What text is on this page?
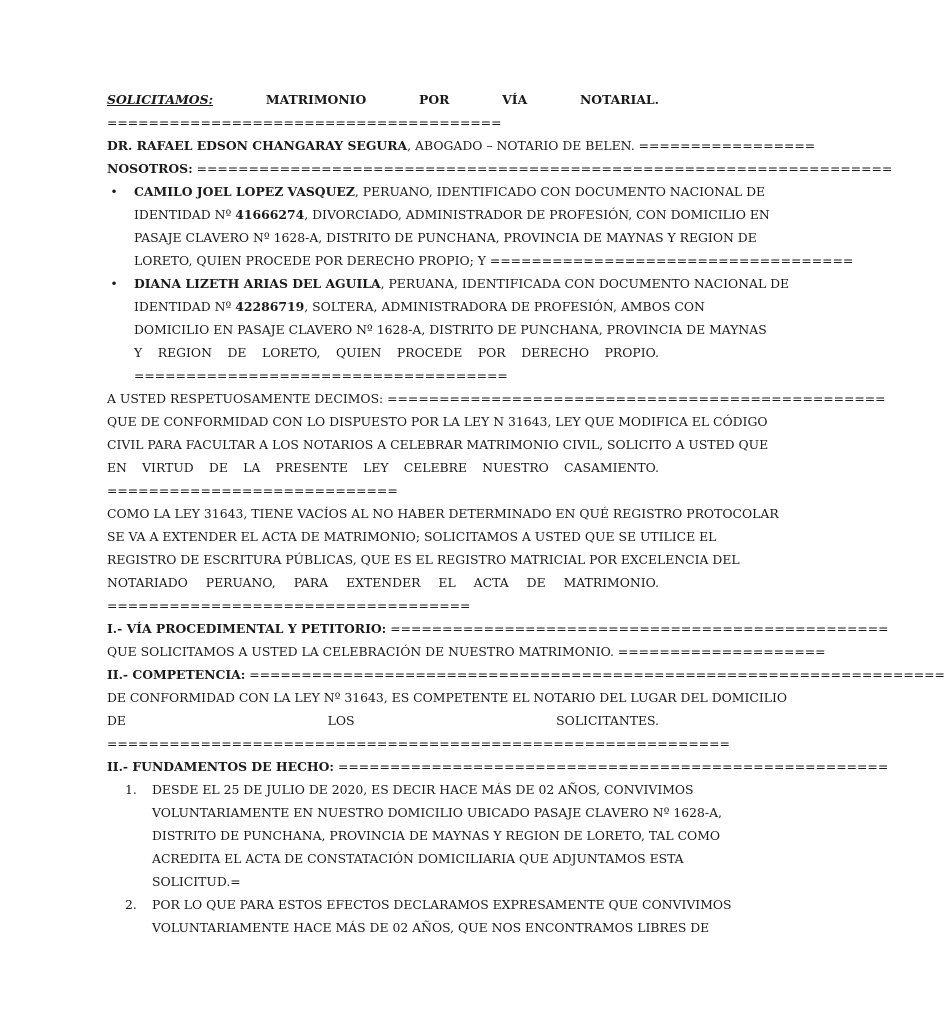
SOLICITAMOS:	MATRIMONIO	POR	VÍA	NOTARIAL.
======================================
DR. RAFAEL EDSON CHANGARAY SEGURA, ABOGADO – NOTARIO DE BELEN. =================
NOSOTROS: ===================================================================
•	CAMILO JOEL LOPEZ VASQUEZ, PERUANO, IDENTIFICADO CON DOCUMENTO NACIONAL DE
IDENTIDAD Nº 41666274, DIVORCIADO, ADMINISTRADOR DE PROFESIÓN, CON DOMICILIO EN
PASAJE CLAVERO Nº 1628-A, DISTRITO DE PUNCHANA, PROVINCIA DE MAYNAS Y REGION DE
LORETO, QUIEN PROCEDE POR DERECHO PROPIO; Y ===================================
•	DIANA LIZETH ARIAS DEL AGUILA, PERUANA, IDENTIFICADA CON DOCUMENTO NACIONAL DE
IDENTIDAD Nº 42286719, SOLTERA, ADMINISTRADORA DE PROFESIÓN, AMBOS CON
DOMICILIO EN PASAJE CLAVERO Nº 1628-A, DISTRITO DE PUNCHANA, PROVINCIA DE MAYNAS
Y REGION DE LORETO, QUIEN PROCEDE POR DERECHO PROPIO.
====================================
A USTED RESPETUOSAMENTE DECIMOS: ================================================
QUE DE CONFORMIDAD CON LO DISPUESTO POR LA LEY N 31643, LEY QUE MODIFICA EL CÓDIGO
CIVIL PARA FACULTAR A LOS NOTARIOS A CELEBRAR MATRIMONIO CIVIL, SOLICITO A USTED QUE
EN VIRTUD DE LA PRESENTE LEY CELEBRE NUESTRO CASAMIENTO.
============================
COMO LA LEY 31643, TIENE VACÍOS AL NO HABER DETERMINADO EN QUÉ REGISTRO PROTOCOLAR
SE VA A EXTENDER EL ACTA DE MATRIMONIO; SOLICITAMOS A USTED QUE SE UTILICE EL
REGISTRO DE ESCRITURA PÚBLICAS, QUE ES EL REGISTRO MATRICIAL POR EXCELENCIA DEL
NOTARIADO PERUANO, PARA EXTENDER EL ACTA DE MATRIMONIO.
===================================
I.- VÍA PROCEDIMENTAL Y PETITORIO: ================================================
QUE SOLICITAMOS A USTED LA CELEBRACIÓN DE NUESTRO MATRIMONIO. ====================
II.- COMPETENCIA: ===================================================================
DE CONFORMIDAD CON LA LEY Nº 31643, ES COMPETENTE EL NOTARIO DEL LUGAR DEL DOMICILIO
DE LOS SOLICITANTES.
============================================================
II.- FUNDAMENTOS DE HECHO: =====================================================
1.	DESDE EL 25 DE JULIO DE 2020, ES DECIR HACE MÁS DE 02 AÑOS, CONVIVIMOS
VOLUNTARIAMENTE EN NUESTRO DOMICILIO UBICADO PASAJE CLAVERO Nº 1628-A,
DISTRITO DE PUNCHANA, PROVINCIA DE MAYNAS Y REGION DE LORETO, TAL COMO
ACREDITA EL ACTA DE CONSTATACIÓN DOMICILIARIA QUE ADJUNTAMOS ESTA
SOLICITUD.=
2.	POR LO QUE PARA ESTOS EFECTOS DECLARAMOS EXPRESAMENTE QUE CONVIVIMOS
VOLUNTARIAMENTE HACE MÁS DE 02 AÑOS, QUE NOS ENCONTRAMOS LIBRES DE
